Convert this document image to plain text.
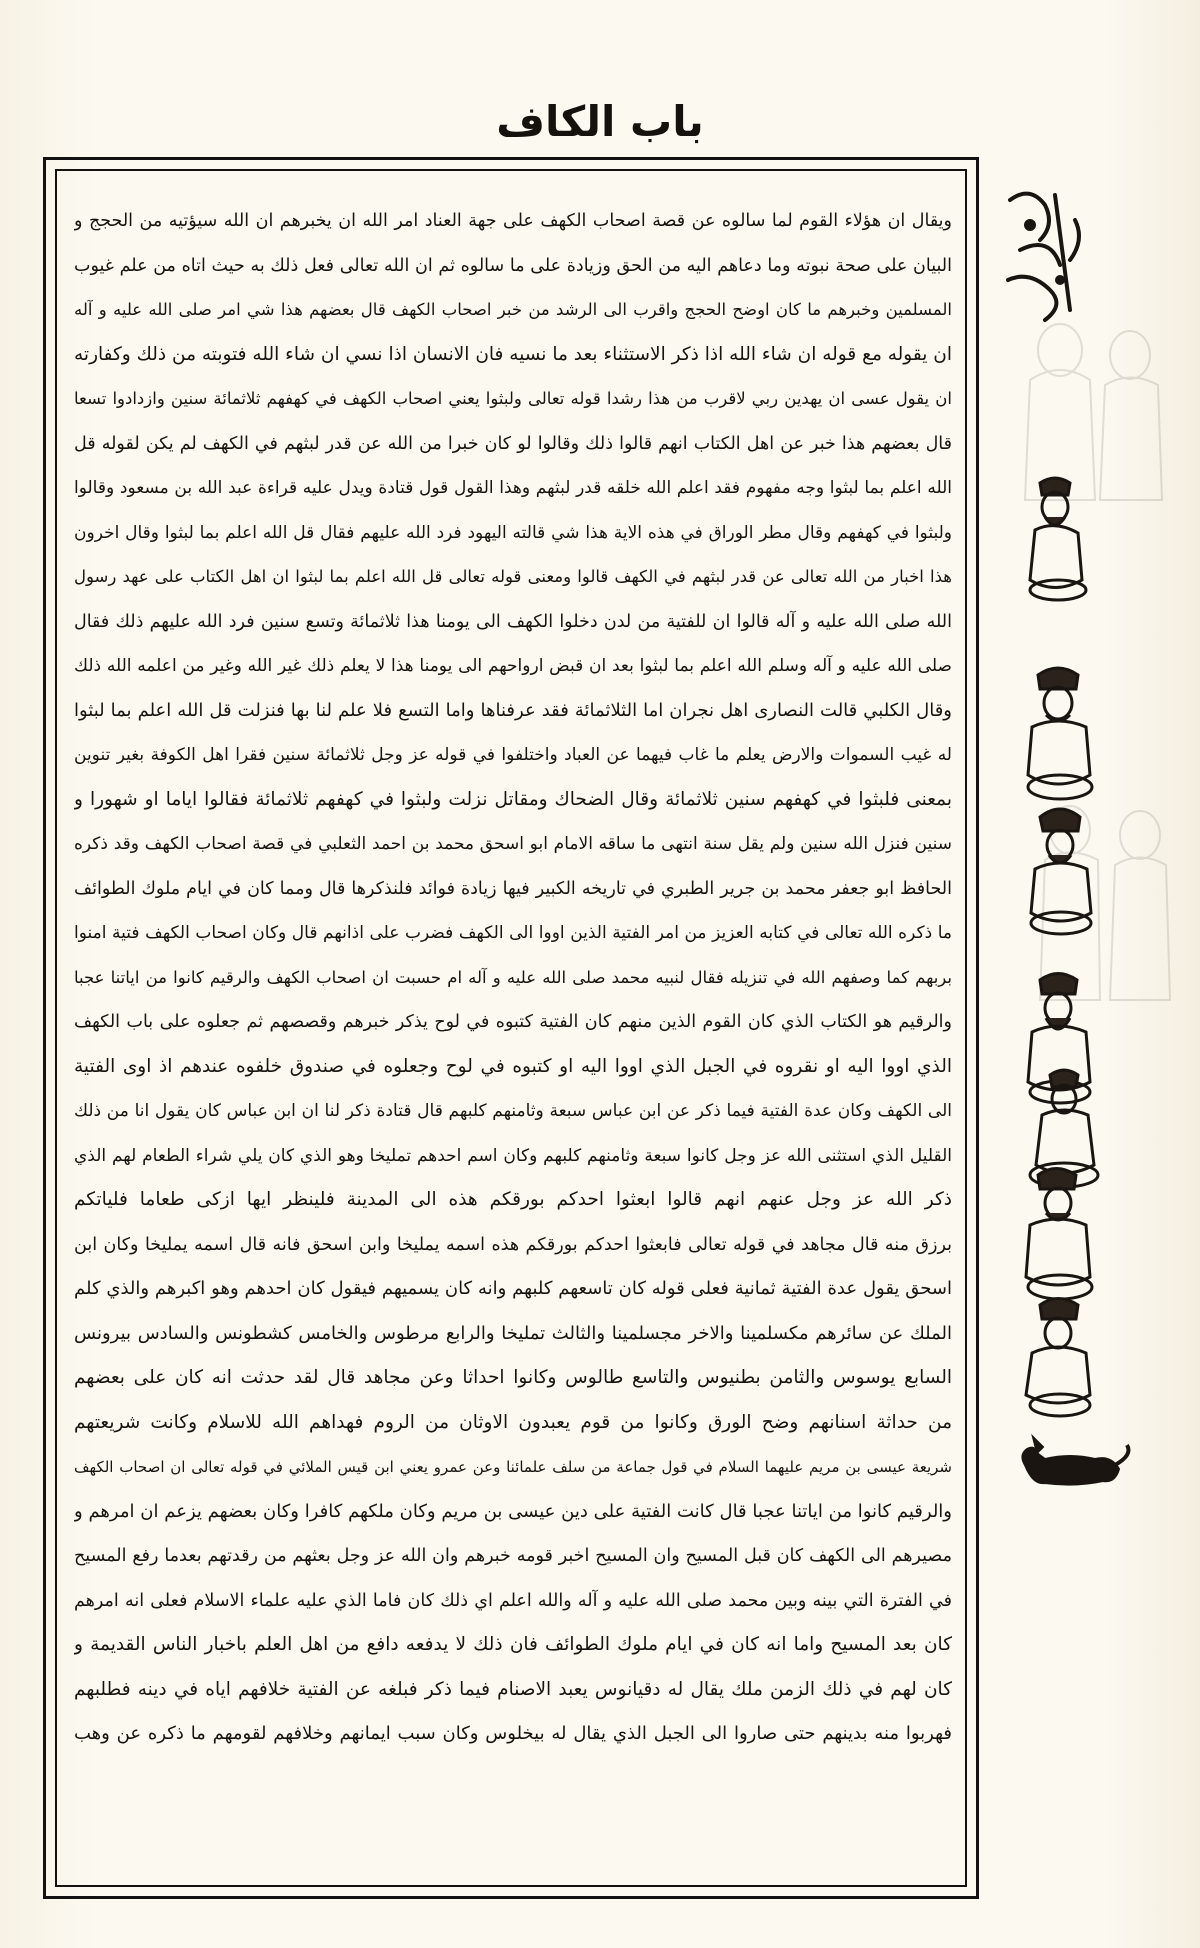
باب الكاف
ويقال ان هؤلاء القوم لما سالوه عن قصة اصحاب الكهف على جهة العناد امر الله ان يخبرهم ان الله سيؤتيه من الحجج و
البيان على صحة نبوته وما دعاهم اليه من الحق وزيادة على ما سالوه ثم ان الله تعالى فعل ذلك به حيث اتاه من علم غيوب
المسلمين وخبرهم ما كان اوضح الحجج واقرب الى الرشد من خبر اصحاب الكهف قال بعضهم هذا شي امر صلى الله عليه و آله
ان يقوله مع قوله ان شاء الله اذا ذكر الاستثناء بعد ما نسيه فان الانسان اذا نسي ان شاء الله فتوبته من ذلك وكفارته
ان يقول عسى ان يهدين ربي لاقرب من هذا رشدا قوله تعالى ولبثوا يعني اصحاب الكهف في كهفهم ثلاثمائة سنين وازدادوا تسعا
قال بعضهم هذا خبر عن اهل الكتاب انهم قالوا ذلك وقالوا لو كان خبرا من الله عن قدر لبثهم في الكهف لم يكن لقوله قل
الله اعلم بما لبثوا وجه مفهوم فقد اعلم الله خلقه قدر لبثهم وهذا القول قول قتادة ويدل عليه قراءة عبد الله بن مسعود وقالوا
ولبثوا في كهفهم وقال مطر الوراق في هذه الاية هذا شي قالته اليهود فرد الله عليهم فقال قل الله اعلم بما لبثوا وقال اخرون
هذا اخبار من الله تعالى عن قدر لبثهم في الكهف قالوا ومعنى قوله تعالى قل الله اعلم بما لبثوا ان اهل الكتاب على عهد رسول
الله صلى الله عليه و آله قالوا ان للفتية من لدن دخلوا الكهف الى يومنا هذا ثلاثمائة وتسع سنين فرد الله عليهم ذلك فقال
صلى الله عليه و آله وسلم الله اعلم بما لبثوا بعد ان قبض ارواحهم الى يومنا هذا لا يعلم ذلك غير الله وغير من اعلمه الله ذلك
وقال الكلبي قالت النصارى اهل نجران اما الثلاثمائة فقد عرفناها واما التسع فلا علم لنا بها فنزلت قل الله اعلم بما لبثوا
له غيب السموات والارض يعلم ما غاب فيهما عن العباد واختلفوا في قوله عز وجل ثلاثمائة سنين فقرا اهل الكوفة بغير تنوين
بمعنى فلبثوا في كهفهم سنين ثلاثمائة وقال الضحاك ومقاتل نزلت ولبثوا في كهفهم ثلاثمائة فقالوا اياما او شهورا و
سنين فنزل الله سنين ولم يقل سنة انتهى ما ساقه الامام ابو اسحق محمد بن احمد الثعلبي في قصة اصحاب الكهف وقد ذكره
الحافظ ابو جعفر محمد بن جرير الطبري في تاريخه الكبير فيها زيادة فوائد فلنذكرها قال ومما كان في ايام ملوك الطوائف
ما ذكره الله تعالى في كتابه العزيز من امر الفتية الذين اووا الى الكهف فضرب على اذانهم قال وكان اصحاب الكهف فتية امنوا
بربهم كما وصفهم الله في تنزيله فقال لنبيه محمد صلى الله عليه و آله ام حسبت ان اصحاب الكهف والرقيم كانوا من اياتنا عجبا
والرقيم هو الكتاب الذي كان القوم الذين منهم كان الفتية كتبوه في لوح يذكر خبرهم وقصصهم ثم جعلوه على باب الكهف
الذي اووا اليه او نقروه في الجبل الذي اووا اليه او كتبوه في لوح وجعلوه في صندوق خلفوه عندهم اذ اوى الفتية
الى الكهف وكان عدة الفتية فيما ذكر عن ابن عباس سبعة وثامنهم كلبهم قال قتادة ذكر لنا ان ابن عباس كان يقول انا من ذلك
القليل الذي استثنى الله عز وجل كانوا سبعة وثامنهم كلبهم وكان اسم احدهم تمليخا وهو الذي كان يلي شراء الطعام لهم الذي
ذكر الله عز وجل عنهم انهم قالوا ابعثوا احدكم بورقكم هذه الى المدينة فلينظر ايها ازكى طعاما فلياتكم
برزق منه قال مجاهد في قوله تعالى فابعثوا احدكم بورقكم هذه اسمه يمليخا وابن اسحق فانه قال اسمه يمليخا وكان ابن
اسحق يقول عدة الفتية ثمانية فعلى قوله كان تاسعهم كلبهم وانه كان يسميهم فيقول كان احدهم وهو اكبرهم والذي كلم
الملك عن سائرهم مكسلمينا والاخر مجسلمينا والثالث تمليخا والرابع مرطوس والخامس كشطونس والسادس بيرونس
السابع يوسوس والثامن بطنيوس والتاسع طالوس وكانوا احداثا وعن مجاهد قال لقد حدثت انه كان على بعضهم
من حداثة اسنانهم وضح الورق وكانوا من قوم يعبدون الاوثان من الروم فهداهم الله للاسلام وكانت شريعتهم
شريعة عيسى بن مريم عليهما السلام في قول جماعة من سلف علمائنا وعن عمرو يعني ابن قيس الملائي في قوله تعالى ان اصحاب الكهف
والرقيم كانوا من اياتنا عجبا قال كانت الفتية على دين عيسى بن مريم وكان ملكهم كافرا وكان بعضهم يزعم ان امرهم و
مصيرهم الى الكهف كان قبل المسيح وان المسيح اخبر قومه خبرهم وان الله عز وجل بعثهم من رقدتهم بعدما رفع المسيح
في الفترة التي بينه وبين محمد صلى الله عليه و آله والله اعلم اي ذلك كان فاما الذي عليه علماء الاسلام فعلى انه امرهم
كان بعد المسيح واما انه كان في ايام ملوك الطوائف فان ذلك لا يدفعه دافع من اهل العلم باخبار الناس القديمة و
كان لهم في ذلك الزمن ملك يقال له دقيانوس يعبد الاصنام فيما ذكر فبلغه عن الفتية خلافهم اياه في دينه فطلبهم
فهربوا منه بدينهم حتى صاروا الى الجبل الذي يقال له بيخلوس وكان سبب ايمانهم وخلافهم لقومهم ما ذكره عن وهب
